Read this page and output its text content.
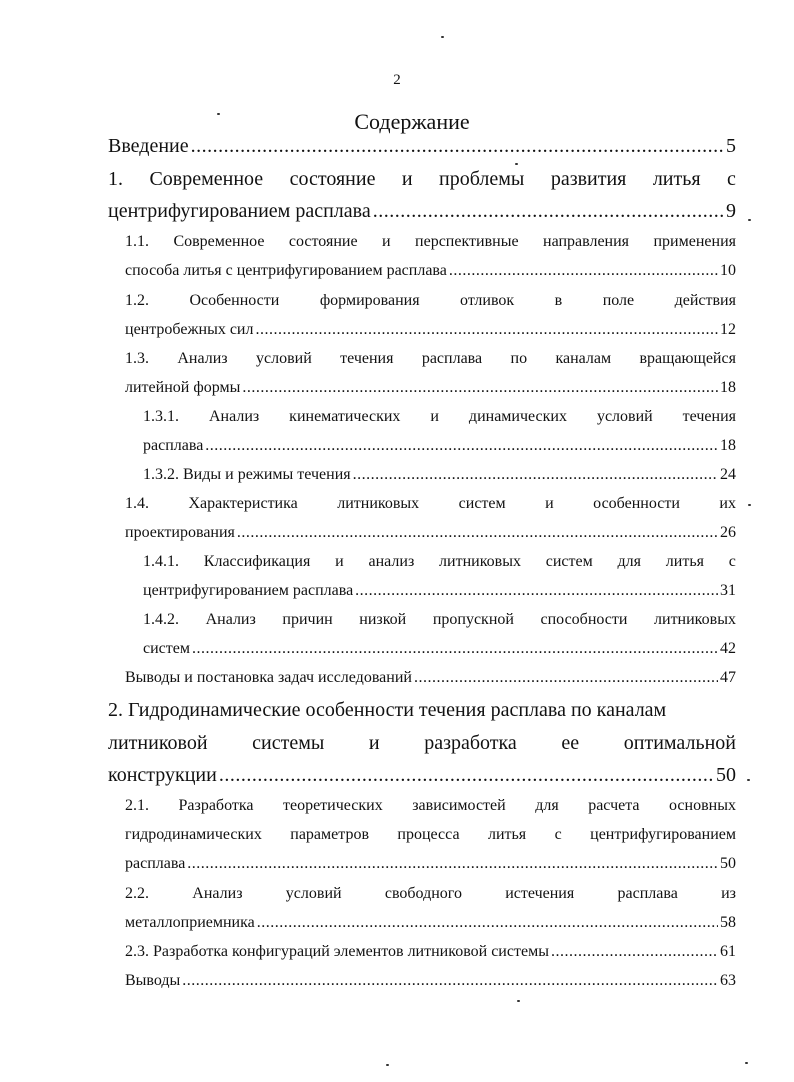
2
Содержание
Введение .....	5
1. Современное состояние и проблемы развития литья с
центрифугированием расплава .....	9
1.1. Современное состояние и перспективные направления применения
способа литья с центрифугированием расплава .....	10
1.2.	Особенности	формирования	отливок	в	поле	действия
центробежных сил .....	12
1.3. Анализ условий течения расплава по каналам вращающейся
литейной формы .....	18
1.3.1. Анализ кинематических и динамических условий течения
расплава .....	18
1.3.2. Виды и режимы течения .....	24
1.4. Характеристика литниковых систем и особенности их
проектирования .....	26
1.4.1. Классификация и анализ литниковых систем для литья с
центрифугированием расплава .....	31
1.4.2. Анализ причин низкой пропускной способности литниковых
систем .....	42
Выводы и постановка задач исследований .....	47
2. Гидродинамические особенности течения расплава по каналам
литниковой системы и разработка ее оптимальной
конструкции .....	50
2.1. Разработка теоретических зависимостей для расчета основных
гидродинамических параметров процесса литья с центрифугированием
расплава .....	50
2.2.	Анализ	условий	свободного	истечения	расплава	из
металлоприемника .....	58
2.3. Разработка конфигураций элементов литниковой системы .....	61
Выводы .....	63
